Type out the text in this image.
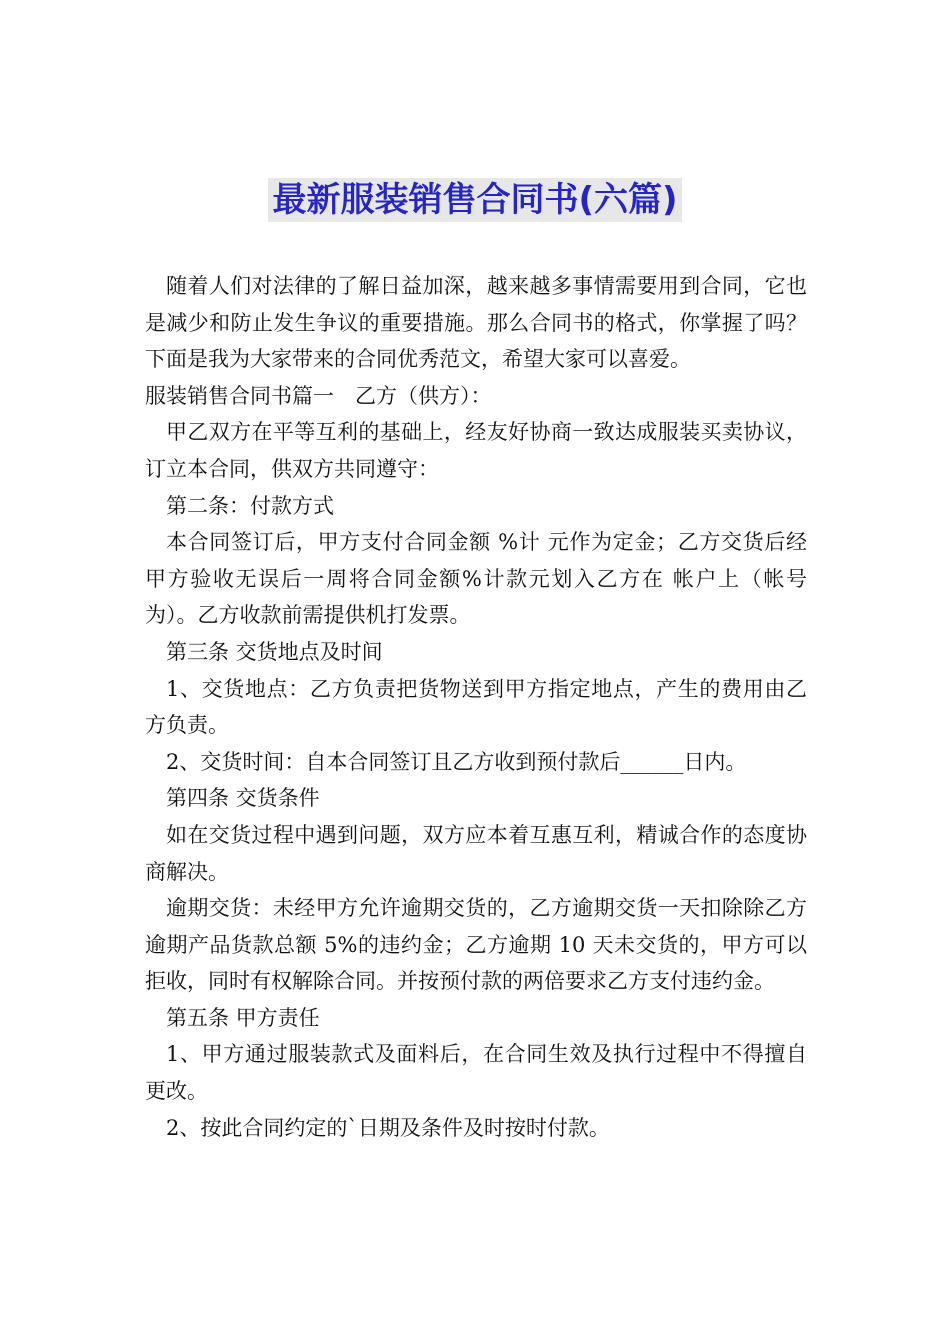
最新服装销售合同书(六篇)

随着人们对法律的了解日益加深，越来越多事情需要用到合同，它也是减少和防止发生争议的重要措施。那么合同书的格式，你掌握了吗？下面是我为大家带来的合同优秀范文，希望大家可以喜爱。

服装销售合同书篇一　乙方（供方）：

甲乙双方在平等互利的基础上，经友好协商一致达成服装买卖协议，订立本合同，供双方共同遵守：

第二条：付款方式

本合同签订后，甲方支付合同金额 %计 元作为定金；乙方交货后经甲方验收无误后一周将合同金额%计款元划入乙方在 帐户上（帐号为）。乙方收款前需提供机打发票。

第三条 交货地点及时间

1、交货地点：乙方负责把货物送到甲方指定地点，产生的费用由乙方负责。

2、交货时间：自本合同签订且乙方收到预付款后______日内。

第四条 交货条件

如在交货过程中遇到问题，双方应本着互惠互利，精诚合作的态度协商解决。

逾期交货：未经甲方允许逾期交货的，乙方逾期交货一天扣除除乙方逾期产品货款总额 5%的违约金；乙方逾期 10 天未交货的，甲方可以拒收，同时有权解除合同。并按预付款的两倍要求乙方支付违约金。

第五条 甲方责任

1、甲方通过服装款式及面料后，在合同生效及执行过程中不得擅自更改。

2、按此合同约定的`日期及条件及时按时付款。
